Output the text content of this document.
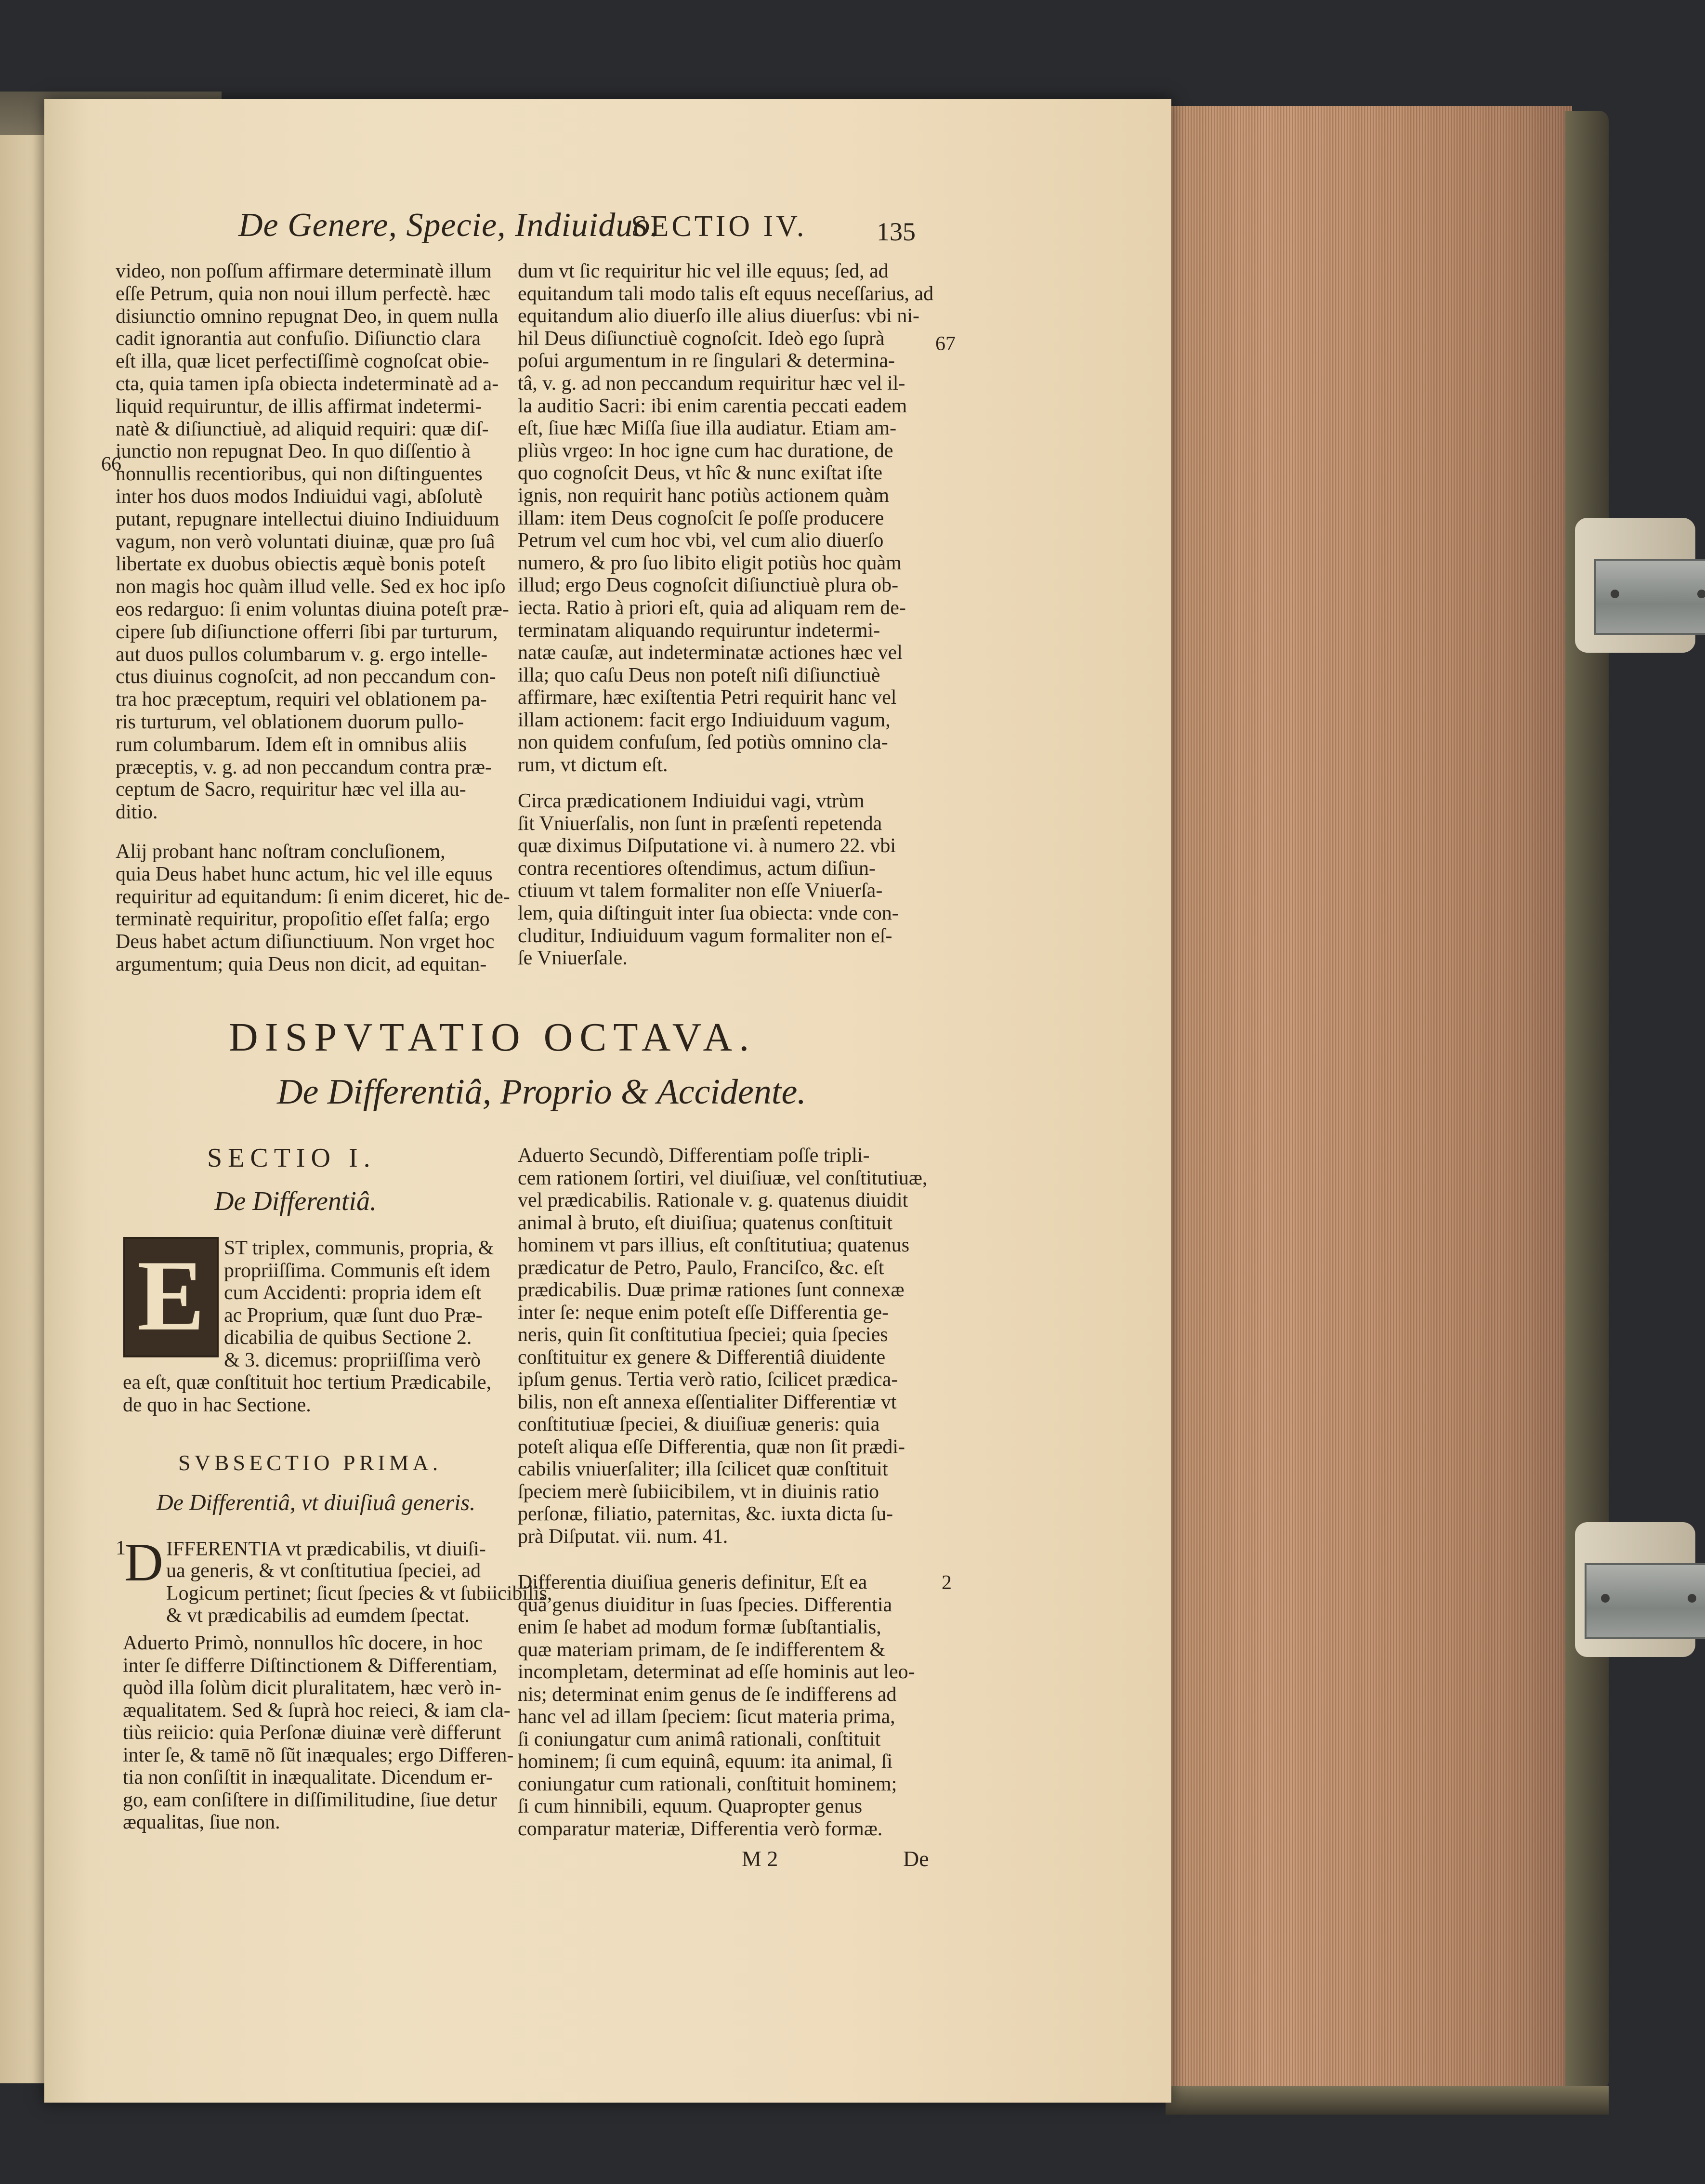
De Genere, Specie, Indiuiduo.
SECTIO IV.	135
video, non poſſum affirmare determinatè illum
eſſe Petrum, quia non noui illum perfectè. hæc
disiunctio omnino repugnat Deo, in quem nulla
cadit ignorantia aut confuſio. Diſiunctio clara
eſt illa, quæ licet perfectiſſimè cognoſcat obie-
cta, quia tamen ipſa obiecta indeterminatè ad a-
liquid requiruntur, de illis affirmat indetermi-
natè & diſiunctiuè, ad aliquid requiri: quæ diſ-
iunctio non repugnat Deo. In quo diſſentio à
nonnullis recentioribus, qui non diſtinguentes
inter hos duos modos Indiuidui vagi, abſolutè
putant, repugnare intellectui diuino Indiuiduum
vagum, non verò voluntati diuinæ, quæ pro ſuâ
libertate ex duobus obiectis æquè bonis poteſt
non magis hoc quàm illud velle. Sed ex hoc ipſo
eos redarguo: ſi enim voluntas diuina poteſt præ-
cipere ſub diſiunctione offerri ſibi par turturum,
aut duos pullos columbarum v. g. ergo intelle-
ctus diuinus cognoſcit, ad non peccandum con-
tra hoc præceptum, requiri vel oblationem pa-
ris turturum, vel oblationem duorum pullo-
rum columbarum. Idem eſt in omnibus aliis
præceptis, v. g. ad non peccandum contra præ-
ceptum de Sacro, requiritur hæc vel illa au-
ditio.
Alij probant hanc noſtram concluſionem,
quia Deus habet hunc actum, hic vel ille equus
requiritur ad equitandum: ſi enim diceret, hic de-
terminatè requiritur, propoſitio eſſet falſa; ergo
Deus habet actum diſiunctiuum. Non vrget hoc
argumentum; quia Deus non dicit, ad equitan-
dum vt ſic requiritur hic vel ille equus; ſed, ad
equitandum tali modo talis eſt equus neceſſarius, ad
equitandum alio diuerſo ille alius diuerſus: vbi ni-
hil Deus diſiunctiuè cognoſcit. Ideò ego ſuprà
poſui argumentum in re ſingulari & determina-
tâ, v. g. ad non peccandum requiritur hæc vel il-
la auditio Sacri: ibi enim carentia peccati eadem
eſt, ſiue hæc Miſſa ſiue illa audiatur. Etiam am-
pliùs vrgeo: In hoc igne cum hac duratione, de
quo cognoſcit Deus, vt hîc & nunc exiſtat iſte
ignis, non requirit hanc potiùs actionem quàm
illam: item Deus cognoſcit ſe poſſe producere
Petrum vel cum hoc vbi, vel cum alio diuerſo
numero, & pro ſuo libito eligit potiùs hoc quàm
illud; ergo Deus cognoſcit diſiunctiuè plura ob-
iecta. Ratio à priori eſt, quia ad aliquam rem de-
terminatam aliquando requiruntur indetermi-
natæ cauſæ, aut indeterminatæ actiones hæc vel
illa; quo caſu Deus non poteſt niſi diſiunctiuè
affirmare, hæc exiſtentia Petri requirit hanc vel
illam actionem: facit ergo Indiuiduum vagum,
non quidem confuſum, ſed potiùs omnino cla-
rum, vt dictum eſt.
Circa prædicationem Indiuidui vagi, vtrùm
ſit Vniuerſalis, non ſunt in præſenti repetenda
quæ diximus Diſputatione vi. à numero 22. vbi
contra recentiores oſtendimus, actum diſiun-
ctiuum vt talem formaliter non eſſe Vniuerſa-
lem, quia diſtinguit inter ſua obiecta: vnde con-
cluditur, Indiuiduum vagum formaliter non eſ-
ſe Vniuerſale.
66
67
DISPVTATIO OCTAVA.
De Differentiâ, Proprio & Accidente.
SECTIO I.
De Differentiâ.
E ST triplex, communis, propria, &
propriiſſima. Communis eſt idem
cum Accidenti: propria idem eſt
ac Proprium, quæ ſunt duo Præ-
dicabilia de quibus Sectione 2.
& 3. dicemus: propriiſſima verò
ea eſt, quæ conſtituit hoc tertium Prædicabile,
de quo in hac Sectione.
SVBSECTIO PRIMA.
De Differentiâ, vt diuiſiuâ generis.
1
D IFFERENTIA vt prædicabilis, vt diuiſi-
ua generis, & vt conſtitutiua ſpeciei, ad
Logicum pertinet; ſicut ſpecies & vt ſubiicibilis,
& vt prædicabilis ad eumdem ſpectat.
Aduerto Primò, nonnullos hîc docere, in hoc
inter ſe differre Diſtinctionem & Differentiam,
quòd illa ſolùm dicit pluralitatem, hæc verò in-
æqualitatem. Sed & ſuprà hoc reieci, & iam cla-
tiùs reiicio: quia Perſonæ diuinæ verè differunt
inter ſe, & tamē nõ ſũt inæquales; ergo Differen-
tia non conſiſtit in inæqualitate. Dicendum er-
go, eam conſiſtere in diſſimilitudine, ſiue detur
æqualitas, ſiue non.
Aduerto Secundò, Differentiam poſſe tripli-
cem rationem ſortiri, vel diuiſiuæ, vel conſtitutiuæ,
vel prædicabilis. Rationale v. g. quatenus diuidit
animal à bruto, eſt diuiſiua; quatenus conſtituit
hominem vt pars illius, eſt conſtitutiua; quatenus
prædicatur de Petro, Paulo, Franciſco, &c. eſt
prædicabilis. Duæ primæ rationes ſunt connexæ
inter ſe: neque enim poteſt eſſe Differentia ge-
neris, quin ſit conſtitutiua ſpeciei; quia ſpecies
conſtituitur ex genere & Differentiâ diuidente
ipſum genus. Tertia verò ratio, ſcilicet prædica-
bilis, non eſt annexa eſſentialiter Differentiæ vt
conſtitutiuæ ſpeciei, & diuiſiuæ generis: quia
poteſt aliqua eſſe Differentia, quæ non ſit prædi-
cabilis vniuerſaliter; illa ſcilicet quæ conſtituit
ſpeciem merè ſubiicibilem, vt in diuinis ratio
perſonæ, filiatio, paternitas, &c. iuxta dicta ſu-
prà Diſputat. vii. num. 41.
Differentia diuiſiua generis definitur, Eſt ea
quâ genus diuiditur in ſuas ſpecies. Differentia
enim ſe habet ad modum formæ ſubſtantialis,
quæ materiam primam, de ſe indifferentem &
incompletam, determinat ad eſſe hominis aut leo-
nis; determinat enim genus de ſe indifferens ad
hanc vel ad illam ſpeciem: ſicut materia prima,
ſi coniungatur cum animâ rationali, conſtituit
hominem; ſi cum equinâ, equum: ita animal, ſi
coniungatur cum rationali, conſtituit hominem;
ſi cum hinnibili, equum. Quapropter genus
comparatur materiæ, Differentia verò formæ.
2
M 2	De
